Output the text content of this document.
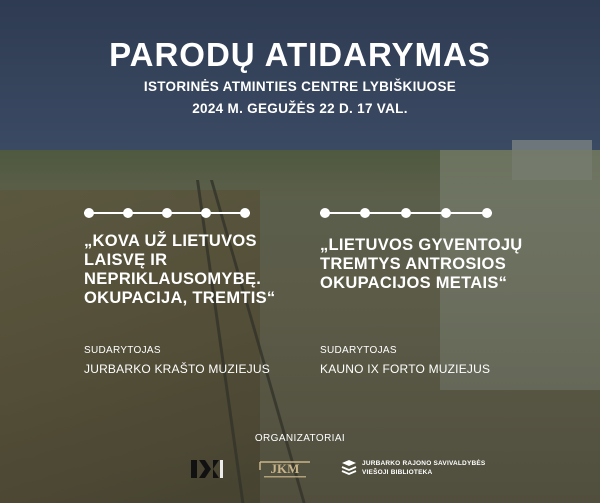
PARODŲ ATIDARYMAS
ISTORINĖS ATMINTIES CENTRE LYBIŠKIUOSE
2024 M. GEGUŽĖS 22 D. 17 VAL.
„KOVA UŽ LIETUVOS
LAISVĘ IR
NEPRIKLAUSOMYBĘ.
OKUPACIJA, TREMTIS“
SUDARYTOJAS
JURBARKO KRAŠTO MUZIEJUS
„LIETUVOS GYVENTOJŲ
TREMTYS ANTROSIOS
OKUPACIJOS METAIS“
SUDARYTOJAS
KAUNO IX FORTO MUZIEJUS
ORGANIZATORIAI
JKM	JURBARKO RAJONO SAVIVALDYBĖS
VIEŠOJI BIBLIOTEKA
